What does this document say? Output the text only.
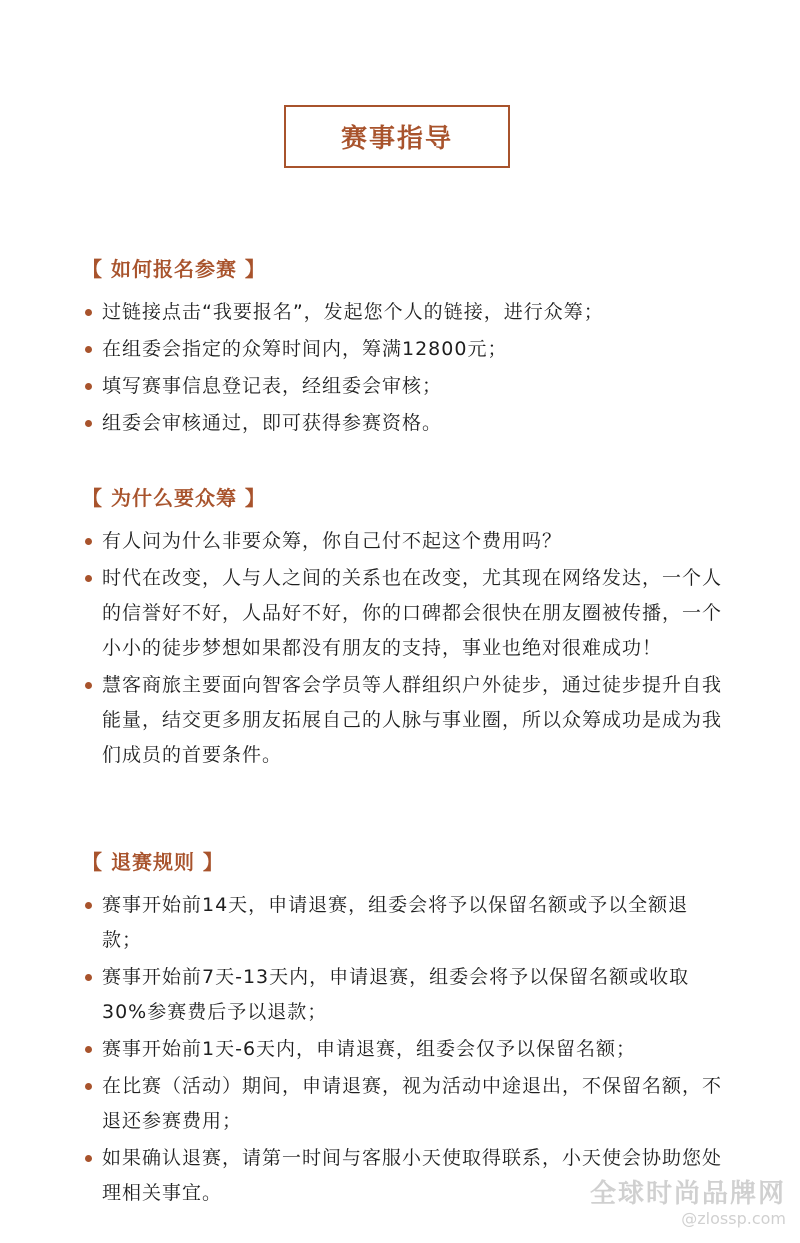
赛事指导
【 如何报名参赛 】
过链接点击“我要报名”，发起您个人的链接，进行众筹；
在组委会指定的众筹时间内，筹满12800元；
填写赛事信息登记表，经组委会审核；
组委会审核通过，即可获得参赛资格。
【 为什么要众筹 】
有人问为什么非要众筹，你自己付不起这个费用吗？
时代在改变，人与人之间的关系也在改变，尤其现在网络发达，一个人的信誉好不好，人品好不好，你的口碑都会很快在朋友圈被传播，一个小小的徒步梦想如果都没有朋友的支持，事业也绝对很难成功！
慧客商旅主要面向智客会学员等人群组织户外徒步，通过徒步提升自我能量，结交更多朋友拓展自己的人脉与事业圈，所以众筹成功是成为我们成员的首要条件。
【 退赛规则 】
赛事开始前14天，申请退赛，组委会将予以保留名额或予以全额退款；
赛事开始前7天-13天内，申请退赛，组委会将予以保留名额或收取30%参赛费后予以退款；
赛事开始前1天-6天内，申请退赛，组委会仅予以保留名额；
在比赛（活动）期间，申请退赛，视为活动中途退出，不保留名额，不退还参赛费用；
如果确认退赛，请第一时间与客服小天使取得联系，小天使会协助您处理相关事宜。	全球时尚品牌网
@zlossp.com
